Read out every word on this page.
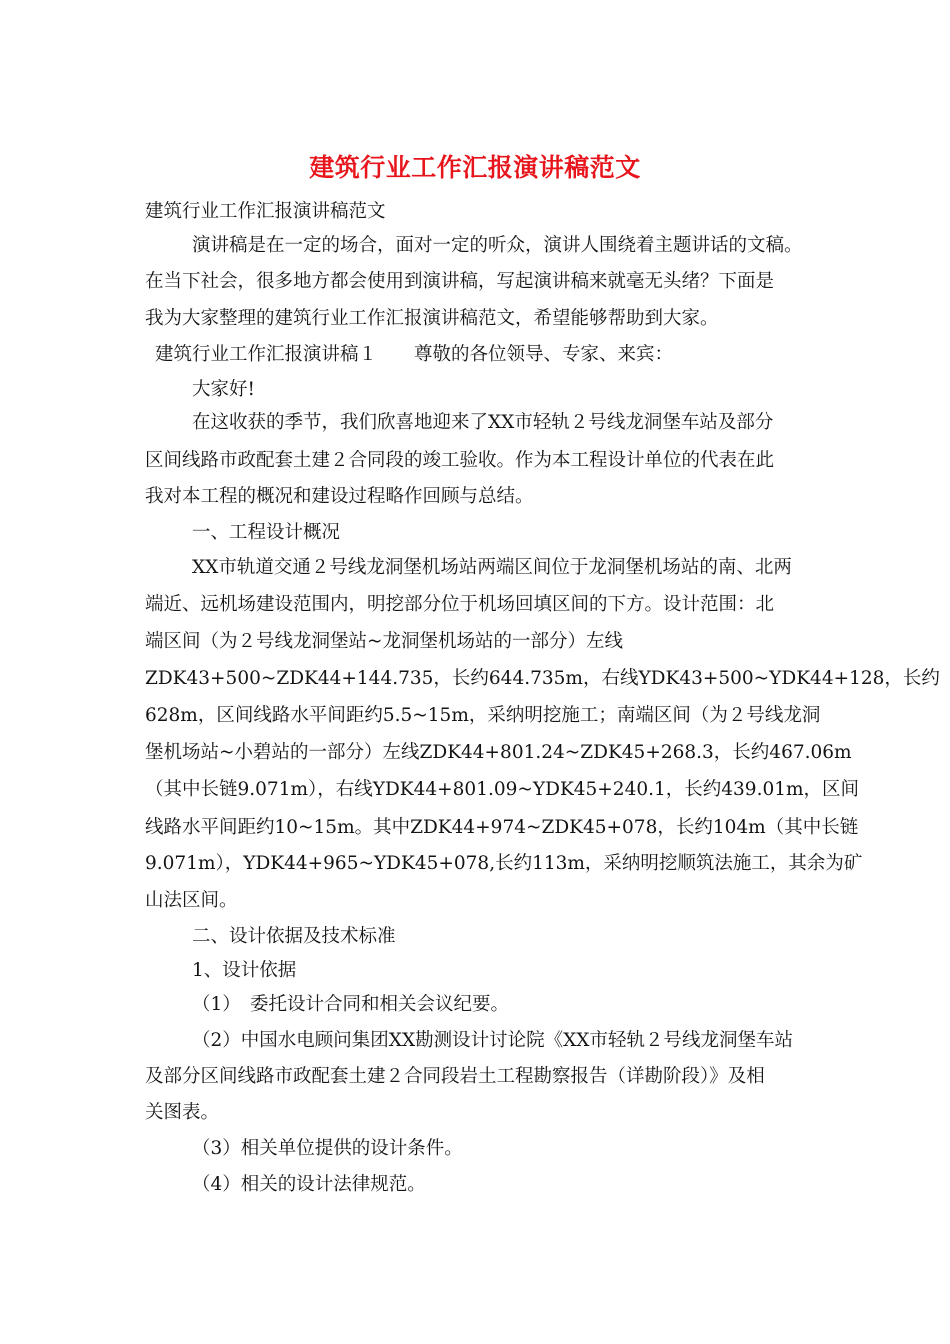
建筑行业工作汇报演讲稿范文
建筑行业工作汇报演讲稿范文
演讲稿是在一定的场合，面对一定的听众，演讲人围绕着主题讲话的文稿。
在当下社会，很多地方都会使用到演讲稿，写起演讲稿来就毫无头绪？下面是
我为大家整理的建筑行业工作汇报演讲稿范文，希望能够帮助到大家。
建筑行业工作汇报演讲稿１　　尊敬的各位领导、专家、来宾：
大家好!
在这收获的季节，我们欣喜地迎来了XX市轻轨２号线龙洞堡车站及部分
区间线路市政配套土建２合同段的竣工验收。作为本工程设计单位的代表在此
我对本工程的概况和建设过程略作回顾与总结。
一、工程设计概况
XX市轨道交通２号线龙洞堡机场站两端区间位于龙洞堡机场站的南、北两
端近、远机场建设范围内，明挖部分位于机场回填区间的下方。设计范围：北
端区间（为２号线龙洞堡站~龙洞堡机场站的一部分）左线
ZDK43+500~ZDK44+144.735，长约644.735m，右线YDK43+500~YDK44+128，长约
628m，区间线路水平间距约5.5~15m，采纳明挖施工；南端区间（为２号线龙洞
堡机场站~小碧站的一部分）左线ZDK44+801.24~ZDK45+268.3，长约467.06m
（其中长链9.071m），右线YDK44+801.09~YDK45+240.1，长约439.01m，区间
线路水平间距约10~15m。其中ZDK44+974~ZDK45+078，长约104m（其中长链
9.071m），YDK44+965~YDK45+078,长约113m，采纳明挖顺筑法施工，其余为矿
山法区间。
二、设计依据及技术标准
1、设计依据
（1）　委托设计合同和相关会议纪要。
（2）中国水电顾问集团XX勘测设计讨论院《XX市轻轨２号线龙洞堡车站
及部分区间线路市政配套土建２合同段岩土工程勘察报告（详勘阶段）》及相
关图表。
（3）相关单位提供的设计条件。
（4）相关的设计法律规范。
